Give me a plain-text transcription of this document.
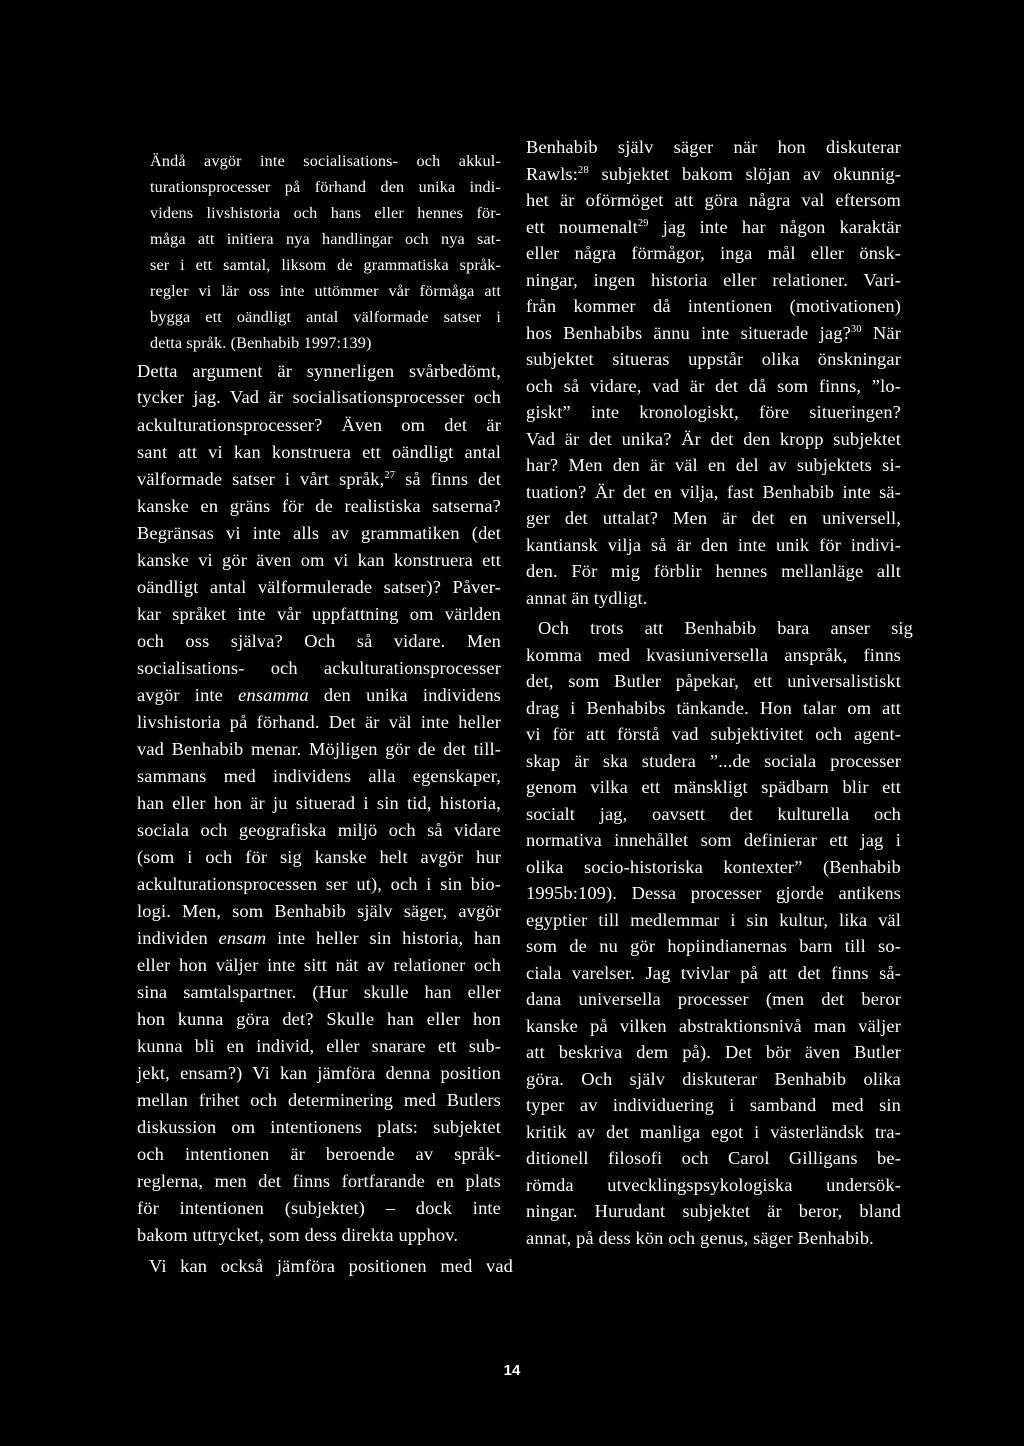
Ändå avgör inte socialisations- och akkul-
turationsprocesser på förhand den unika indi-
videns livshistoria och hans eller hennes för-
måga att initiera nya handlingar och nya sat-
ser i ett samtal, liksom de grammatiska språk-
regler vi lär oss inte uttömmer vår förmåga att
bygga ett oändligt antal välformade satser i
detta språk. (Benhabib 1997:139)
Detta argument är synnerligen svårbedömt,
tycker jag. Vad är socialisationsprocesser och
ackulturationsprocesser? Även om det är
sant att vi kan konstruera ett oändligt antal
välformade satser i vårt språk,$^{27}$ så finns det
kanske en gräns för de realistiska satserna?
Begränsas vi inte alls av grammatiken (det
kanske vi gör även om vi kan konstruera ett
oändligt antal välformulerade satser)? Påver-
kar språket inte vår uppfattning om världen
och oss själva? Och så vidare. Men
socialisations- och ackulturationsprocesser
avgör inte ensamma den unika individens
livshistoria på förhand. Det är väl inte heller
vad Benhabib menar. Möjligen gör de det till-
sammans med individens alla egenskaper,
han eller hon är ju situerad i sin tid, historia,
sociala och geografiska miljö och så vidare
(som i och för sig kanske helt avgör hur
ackulturationsprocessen ser ut), och i sin bio-
logi. Men, som Benhabib själv säger, avgör
individen ensam inte heller sin historia, han
eller hon väljer inte sitt nät av relationer och
sina samtalspartner. (Hur skulle han eller
hon kunna göra det? Skulle han eller hon
kunna bli en individ, eller snarare ett sub-
jekt, ensam?) Vi kan jämföra denna position
mellan frihet och determinering med Butlers
diskussion om intentionens plats: subjektet
och intentionen är beroende av språk-
reglerna, men det finns fortfarande en plats
för intentionen (subjektet) – dock inte
bakom uttrycket, som dess direkta upphov.
Vi kan också jämföra positionen med vad
Benhabib själv säger när hon diskuterar
Rawls:$^{28}$ subjektet bakom slöjan av okunnig-
het är oförmöget att göra några val eftersom
ett noumenalt$^{29}$ jag inte har någon karaktär
eller några förmågor, inga mål eller önsk-
ningar, ingen historia eller relationer. Vari-
från kommer då intentionen (motivationen)
hos Benhabibs ännu inte situerade jag?$^{30}$ När
subjektet situeras uppstår olika önskningar
och så vidare, vad är det då som finns, ”lo-
giskt” inte kronologiskt, före situeringen?
Vad är det unika? Är det den kropp subjektet
har? Men den är väl en del av subjektets si-
tuation? Är det en vilja, fast Benhabib inte sä-
ger det uttalat? Men är det en universell,
kantiansk vilja så är den inte unik för indivi-
den. För mig förblir hennes mellanläge allt
annat än tydligt.
Och trots att Benhabib bara anser sig
komma med kvasiuniversella anspråk, finns
det, som Butler påpekar, ett universalistiskt
drag i Benhabibs tänkande. Hon talar om att
vi för att förstå vad subjektivitet och agent-
skap är ska studera ”...de sociala processer
genom vilka ett mänskligt spädbarn blir ett
socialt jag, oavsett det kulturella och
normativa innehållet som definierar ett jag i
olika socio-historiska kontexter” (Benhabib
1995b:109). Dessa processer gjorde antikens
egyptier till medlemmar i sin kultur, lika väl
som de nu gör hopiindianernas barn till so-
ciala varelser. Jag tvivlar på att det finns så-
dana universella processer (men det beror
kanske på vilken abstraktionsnivå man väljer
att beskriva dem på). Det bör även Butler
göra. Och själv diskuterar Benhabib olika
typer av individuering i samband med sin
kritik av det manliga egot i västerländsk tra-
ditionell filosofi och Carol Gilligans be-
römda utvecklingspsykologiska undersök-
ningar. Hurudant subjektet är beror, bland
annat, på dess kön och genus, säger Benhabib.
14
